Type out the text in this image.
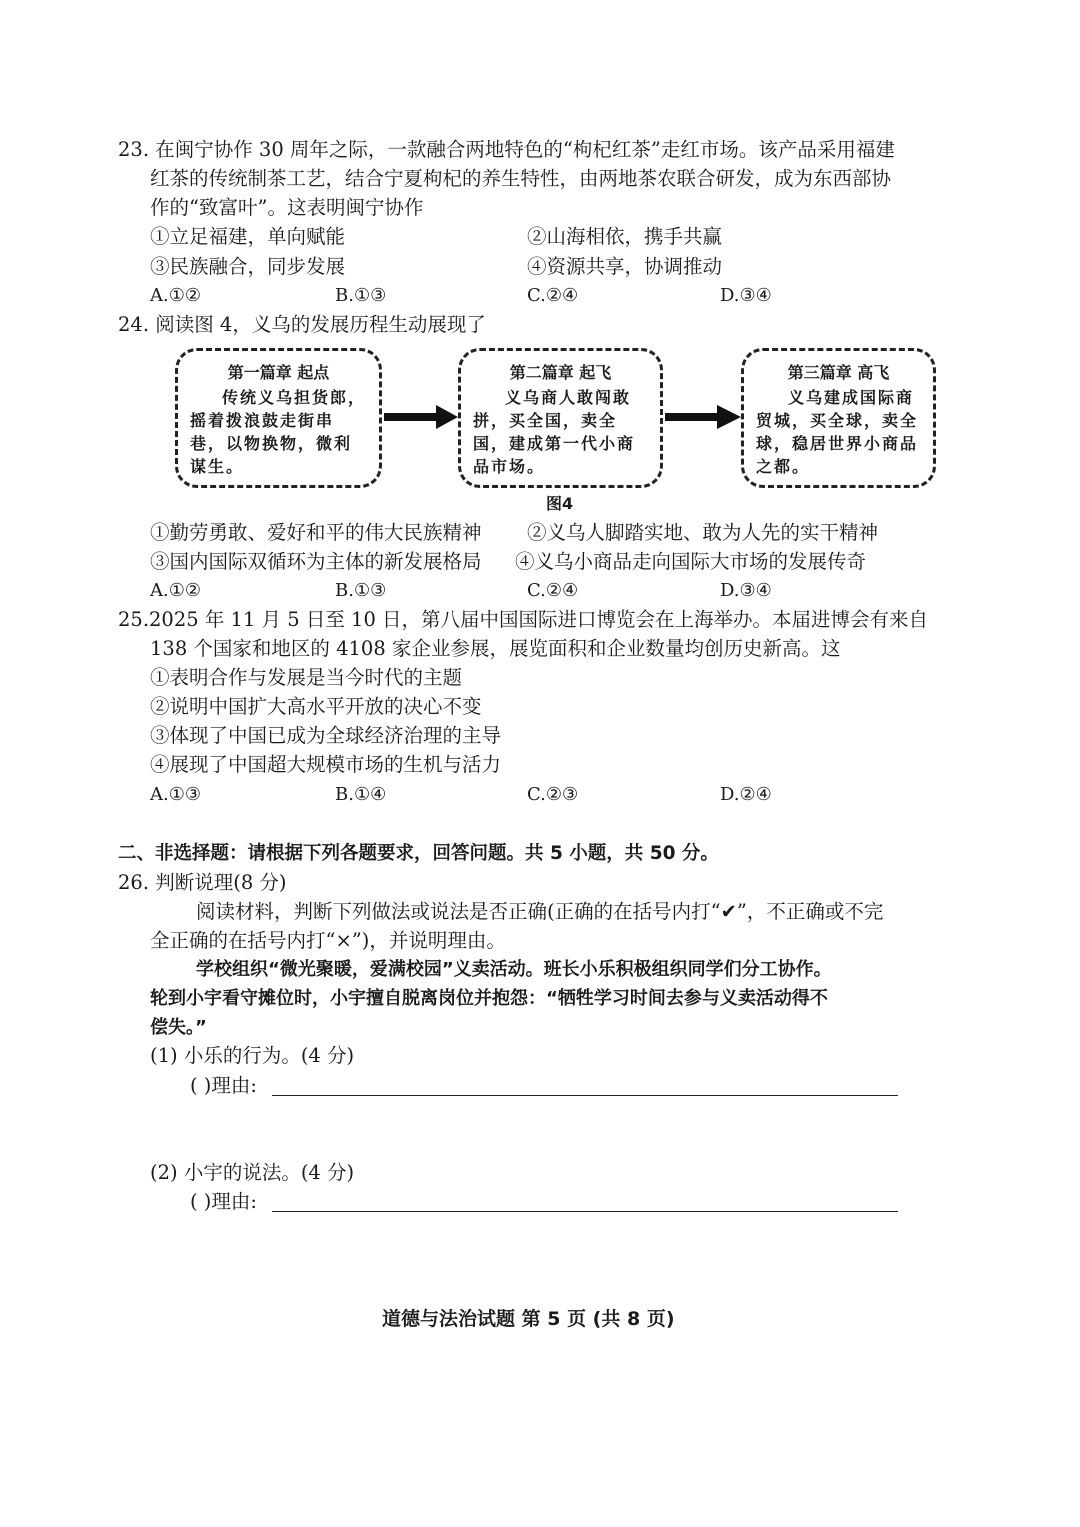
23. 在闽宁协作 30 周年之际，一款融合两地特色的“枸杞红茶”走红市场。该产品采用福建
红茶的传统制茶工艺，结合宁夏枸杞的养生特性，由两地茶农联合研发，成为东西部协
作的“致富叶”。这表明闽宁协作
①立足福建，单向赋能	②山海相依，携手共赢
③民族融合，同步发展	④资源共享，协调推动
A.①②	B.①③	C.②④	D.③④
24. 阅读图 4，义乌的发展历程生动展现了
第一篇章 起点
传统义乌担货郎，摇着拨浪鼓走街串巷，以物换物，微利谋生。
第二篇章 起飞
义乌商人敢闯敢拼，买全国，卖全国，建成第一代小商品市场。
第三篇章 高飞
义乌建成国际商贸城，买全球，卖全球，稳居世界小商品之都。
图4
①勤劳勇敢、爱好和平的伟大民族精神 ②义乌人脚踏实地、敢为人先的实干精神
③国内国际双循环为主体的新发展格局 ④义乌小商品走向国际大市场的发展传奇
A.①②	B.①③	C.②④	D.③④
25.2025 年 11 月 5 日至 10 日，第八届中国国际进口博览会在上海举办。本届进博会有来自
138 个国家和地区的 4108 家企业参展，展览面积和企业数量均创历史新高。这
①表明合作与发展是当今时代的主题
②说明中国扩大高水平开放的决心不变
③体现了中国已成为全球经济治理的主导
④展现了中国超大规模市场的生机与活力
A.①③	B.①④	C.②③	D.②④
二、非选择题：请根据下列各题要求，回答问题。共 5 小题，共 50 分。
26. 判断说理(8 分)
阅读材料，判断下列做法或说法是否正确(正确的在括号内打“✔”，不正确或不完
全正确的在括号内打“×”)，并说明理由。
学校组织“微光聚暖，爱满校园”义卖活动。班长小乐积极组织同学们分工协作。
轮到小宇看守摊位时，小宇擅自脱离岗位并抱怨：“牺牲学习时间去参与义卖活动得不
偿失。”
(1) 小乐的行为。(4 分)
( )理由:
(2) 小宇的说法。(4 分)
( )理由:
道德与法治试题 第 5 页 (共 8 页)
